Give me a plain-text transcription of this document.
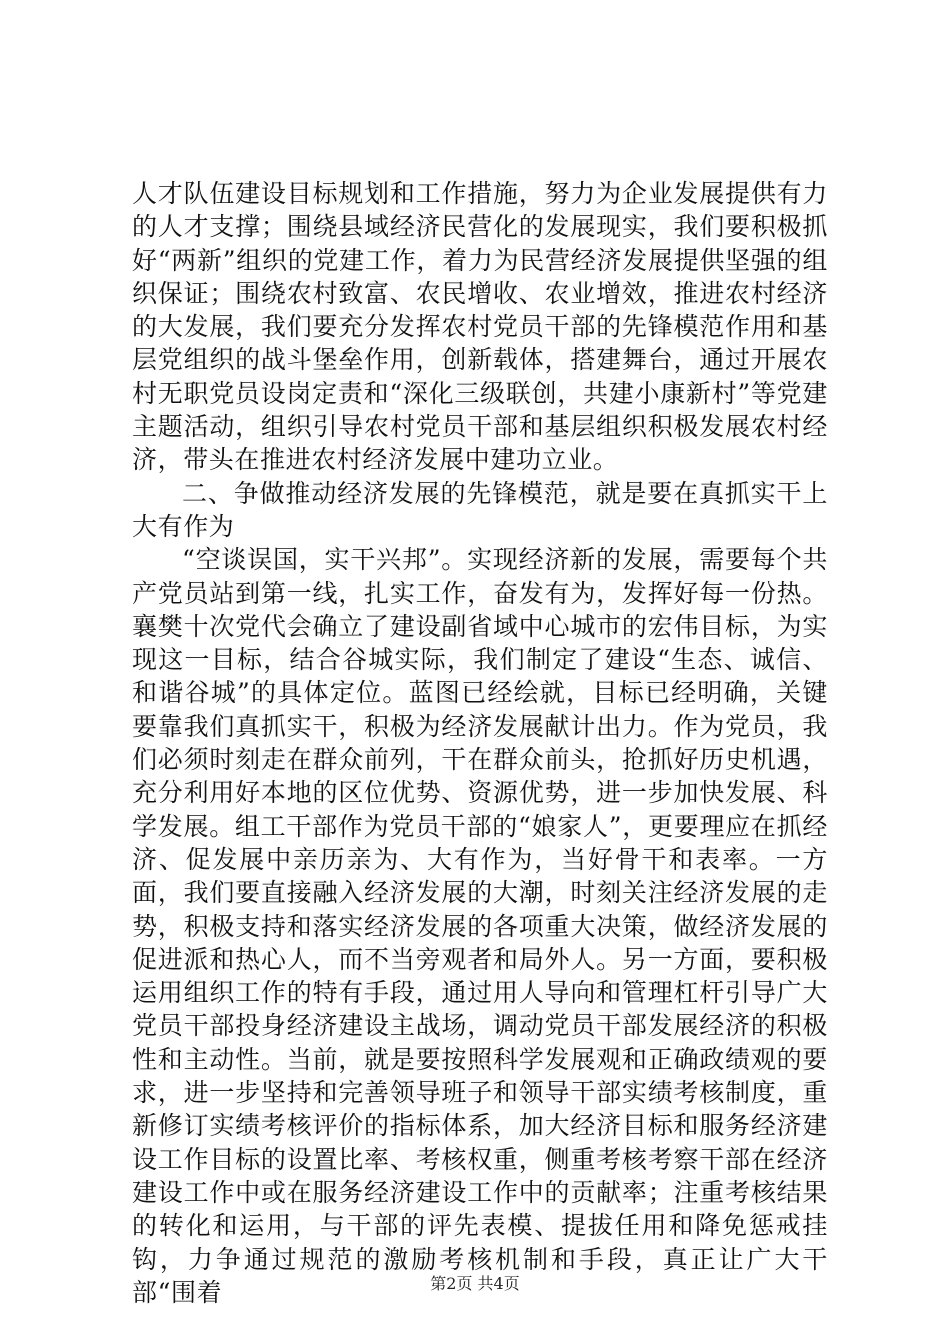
人才队伍建设目标规划和工作措施，努力为企业发展提供有力的人才支撑；围绕县域经济民营化的发展现实，我们要积极抓好“两新”组织的党建工作，着力为民营经济发展提供坚强的组织保证；围绕农村致富、农民增收、农业增效，推进农村经济的大发展，我们要充分发挥农村党员干部的先锋模范作用和基层党组织的战斗堡垒作用，创新载体，搭建舞台，通过开展农村无职党员设岗定责和“深化三级联创，共建小康新村”等党建主题活动，组织引导农村党员干部和基层组织积极发展农村经济，带头在推进农村经济发展中建功立业。

二、争做推动经济发展的先锋模范，就是要在真抓实干上大有作为

“空谈误国，实干兴邦”。实现经济新的发展，需要每个共产党员站到第一线，扎实工作，奋发有为，发挥好每一份热。襄樊十次党代会确立了建设副省域中心城市的宏伟目标，为实现这一目标，结合谷城实际，我们制定了建设“生态、诚信、和谐谷城”的具体定位。蓝图已经绘就，目标已经明确，关键要靠我们真抓实干，积极为经济发展献计出力。作为党员，我们必须时刻走在群众前列，干在群众前头，抢抓好历史机遇，充分利用好本地的区位优势、资源优势，进一步加快发展、科学发展。组工干部作为党员干部的“娘家人”，更要理应在抓经济、促发展中亲历亲为、大有作为，当好骨干和表率。一方面，我们要直接融入经济发展的大潮，时刻关注经济发展的走势，积极支持和落实经济发展的各项重大决策，做经济发展的促进派和热心人，而不当旁观者和局外人。另一方面，要积极运用组织工作的特有手段，通过用人导向和管理杠杆引导广大党员干部投身经济建设主战场，调动党员干部发展经济的积极性和主动性。当前，就是要按照科学发展观和正确政绩观的要求，进一步坚持和完善领导班子和领导干部实绩考核制度，重新修订实绩考核评价的指标体系，加大经济目标和服务经济建设工作目标的设置比率、考核权重，侧重考核考察干部在经济建设工作中或在服务经济建设工作中的贡献率；注重考核结果的转化和运用，与干部的评先表模、提拔任用和降免惩戒挂钩，力争通过规范的激励考核机制和手段，真正让广大干部“围着	第2页 共4页
